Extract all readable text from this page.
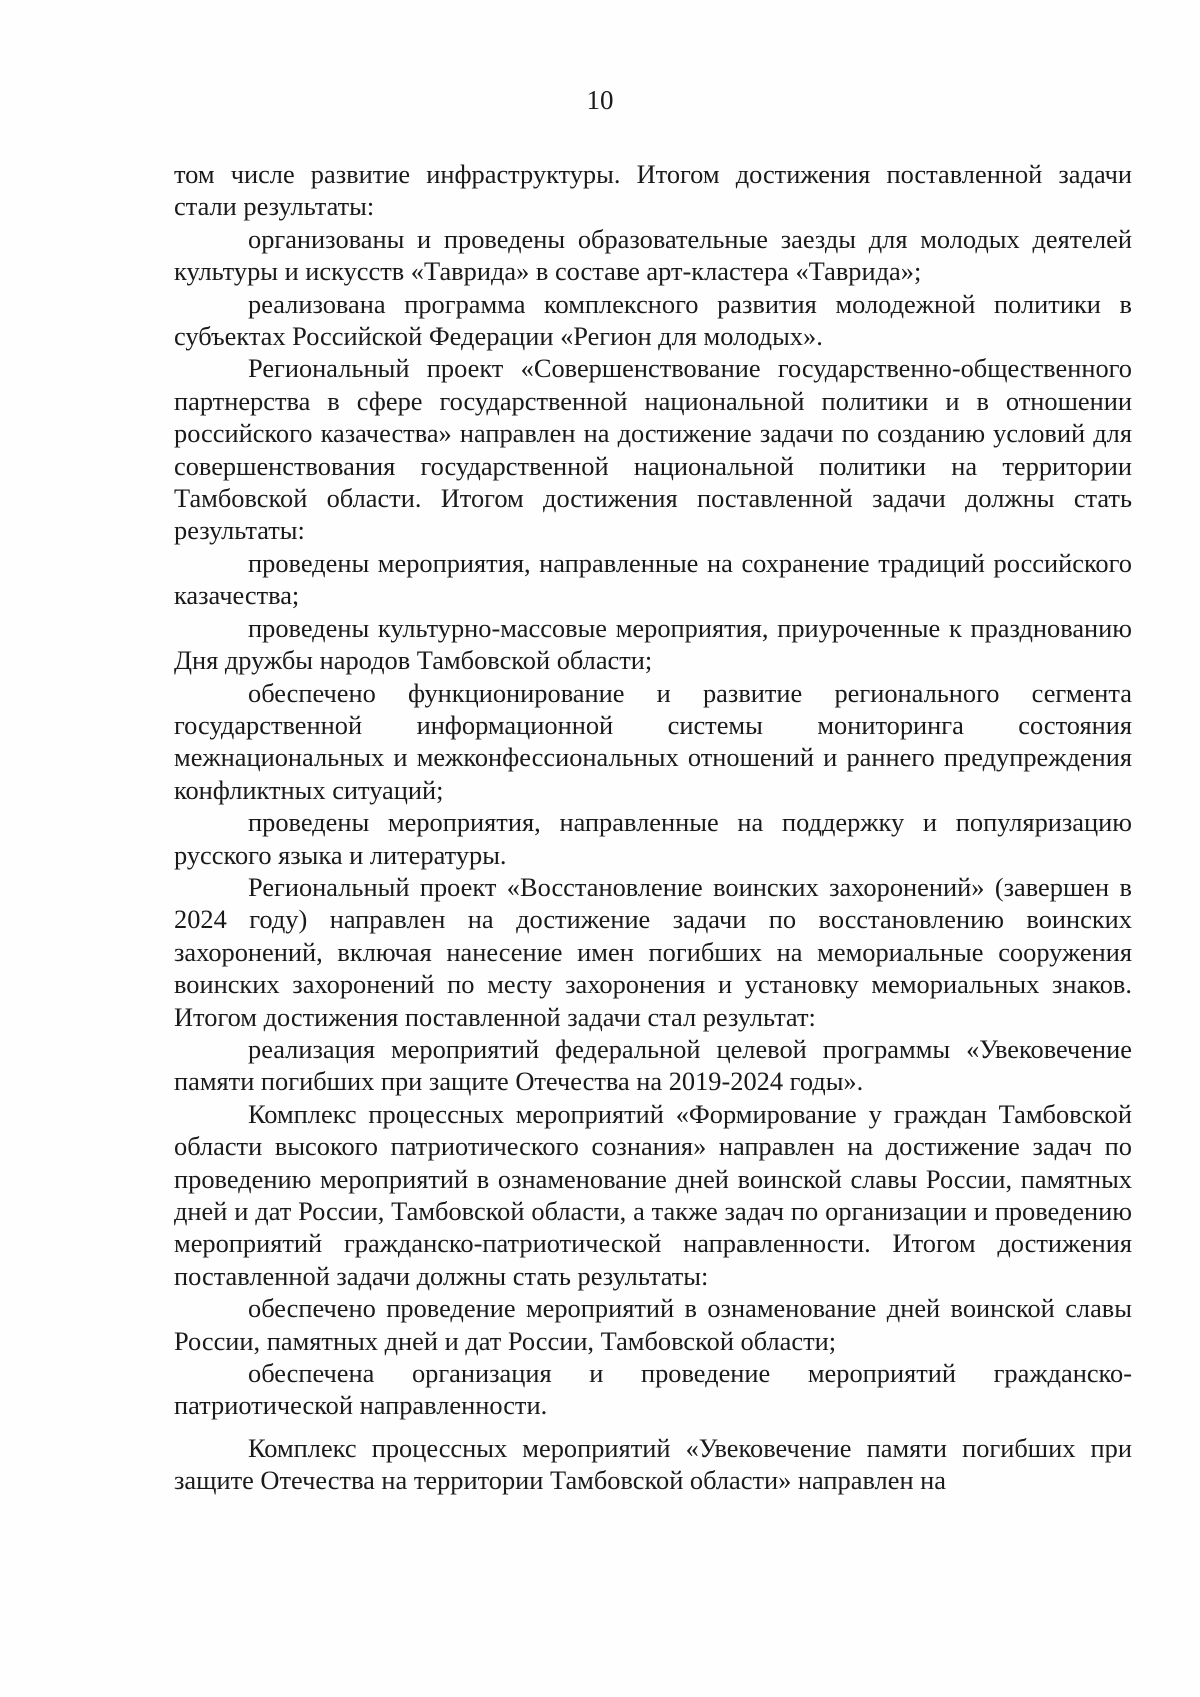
10

том числе развитие инфраструктуры. Итогом достижения поставленной задачи стали результаты:

организованы и проведены образовательные заезды для молодых деятелей культуры и искусств «Таврида» в составе арт-кластера «Таврида»;

реализована программа комплексного развития молодежной политики в субъектах Российской Федерации «Регион для молодых».

Региональный проект «Совершенствование государственно-общественного партнерства в сфере государственной национальной политики и в отношении российского казачества» направлен на достижение задачи по созданию условий для совершенствования государственной национальной политики на территории Тамбовской области. Итогом достижения поставленной задачи должны стать результаты:

проведены мероприятия, направленные на сохранение традиций российского казачества;

проведены культурно-массовые мероприятия, приуроченные к празднованию Дня дружбы народов Тамбовской области;

обеспечено функционирование и развитие регионального сегмента государственной информационной системы мониторинга состояния межнациональных и межконфессиональных отношений и раннего предупреждения конфликтных ситуаций;

проведены мероприятия, направленные на поддержку и популяризацию русского языка и литературы.

Региональный проект «Восстановление воинских захоронений» (завершен в 2024 году) направлен на достижение задачи по восстановлению воинских захоронений, включая нанесение имен погибших на мемориальные сооружения воинских захоронений по месту захоронения и установку мемориальных знаков. Итогом достижения поставленной задачи стал результат:

реализация мероприятий федеральной целевой программы «Увековечение памяти погибших при защите Отечества на 2019-2024 годы».

Комплекс процессных мероприятий «Формирование у граждан Тамбовской области высокого патриотического сознания» направлен на достижение задач по проведению мероприятий в ознаменование дней воинской славы России, памятных дней и дат России, Тамбовской области, а также задач по организации и проведению мероприятий гражданско-патриотической направленности. Итогом достижения поставленной задачи должны стать результаты:

обеспечено проведение мероприятий в ознаменование дней воинской славы России, памятных дней и дат России, Тамбовской области;

обеспечена организация и проведение мероприятий гражданско-патриотической направленности.

Комплекс процессных мероприятий «Увековечение памяти погибших при защите Отечества на территории Тамбовской области» направлен на
